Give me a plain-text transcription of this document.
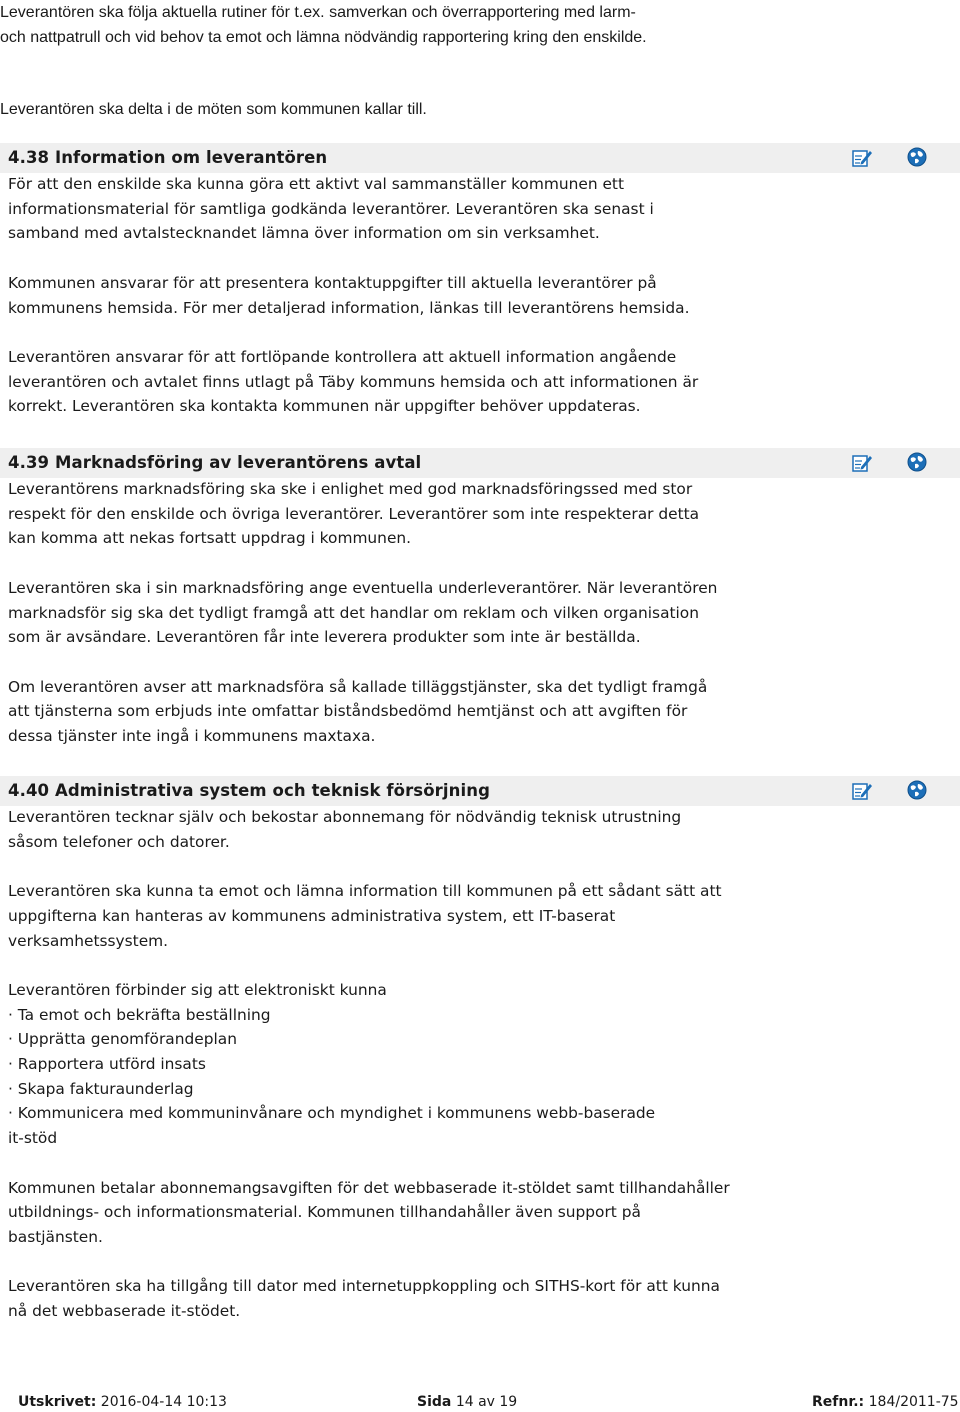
Leverantören ska följa aktuella rutiner för t.ex. samverkan och överrapportering med larm-

och nattpatrull och vid behov ta emot och lämna nödvändig rapportering kring den enskilde.

Leverantören ska delta i de möten som kommunen kallar till.

4.38 Information om leverantören

För att den enskilde ska kunna göra ett aktivt val sammanställer kommunen ett
informationsmaterial för samtliga godkända leverantörer. Leverantören ska senast i
samband med avtalstecknandet lämna över information om sin verksamhet.

Kommunen ansvarar för att presentera kontaktuppgifter till aktuella leverantörer på
kommunens hemsida. För mer detaljerad information, länkas till leverantörens hemsida.

Leverantören ansvarar för att fortlöpande kontrollera att aktuell information angående
leverantören och avtalet finns utlagt på Täby kommuns hemsida och att informationen är
korrekt. Leverantören ska kontakta kommunen när uppgifter behöver uppdateras.

4.39 Marknadsföring av leverantörens avtal

Leverantörens marknadsföring ska ske i enlighet med god marknadsföringssed med stor
respekt för den enskilde och övriga leverantörer. Leverantörer som inte respekterar detta
kan komma att nekas fortsatt uppdrag i kommunen.

Leverantören ska i sin marknadsföring ange eventuella underleverantörer. När leverantören
marknadsför sig ska det tydligt framgå att det handlar om reklam och vilken organisation
som är avsändare. Leverantören får inte leverera produkter som inte är beställda.

Om leverantören avser att marknadsföra så kallade tilläggstjänster, ska det tydligt framgå
att tjänsterna som erbjuds inte omfattar biståndsbedömd hemtjänst och att avgiften för
dessa tjänster inte ingå i kommunens maxtaxa.

4.40 Administrativa system och teknisk försörjning

Leverantören tecknar själv och bekostar abonnemang för nödvändig teknisk utrustning
såsom telefoner och datorer.

Leverantören ska kunna ta emot och lämna information till kommunen på ett sådant sätt att
uppgifterna kan hanteras av kommunens administrativa system, ett IT-baserat
verksamhetssystem.

Leverantören förbinder sig att elektroniskt kunna
· Ta emot och bekräfta beställning
· Upprätta genomförandeplan
· Rapportera utförd insats
· Skapa fakturaunderlag
· Kommunicera med kommuninvånare och myndighet i kommunens webb-baserade
it-stöd

Kommunen betalar abonnemangsavgiften för det webbaserade it-stöldet samt tillhandahåller
utbildnings- och informationsmaterial. Kommunen tillhandahåller även support på
bastjänsten.

Leverantören ska ha tillgång till dator med internetuppkoppling och SITHS-kort för att kunna
nå det webbaserade it-stödet.

Utskrivet: 2016-04-14 10:13	Sida 14 av 19	Refnr.: 184/2011-75
